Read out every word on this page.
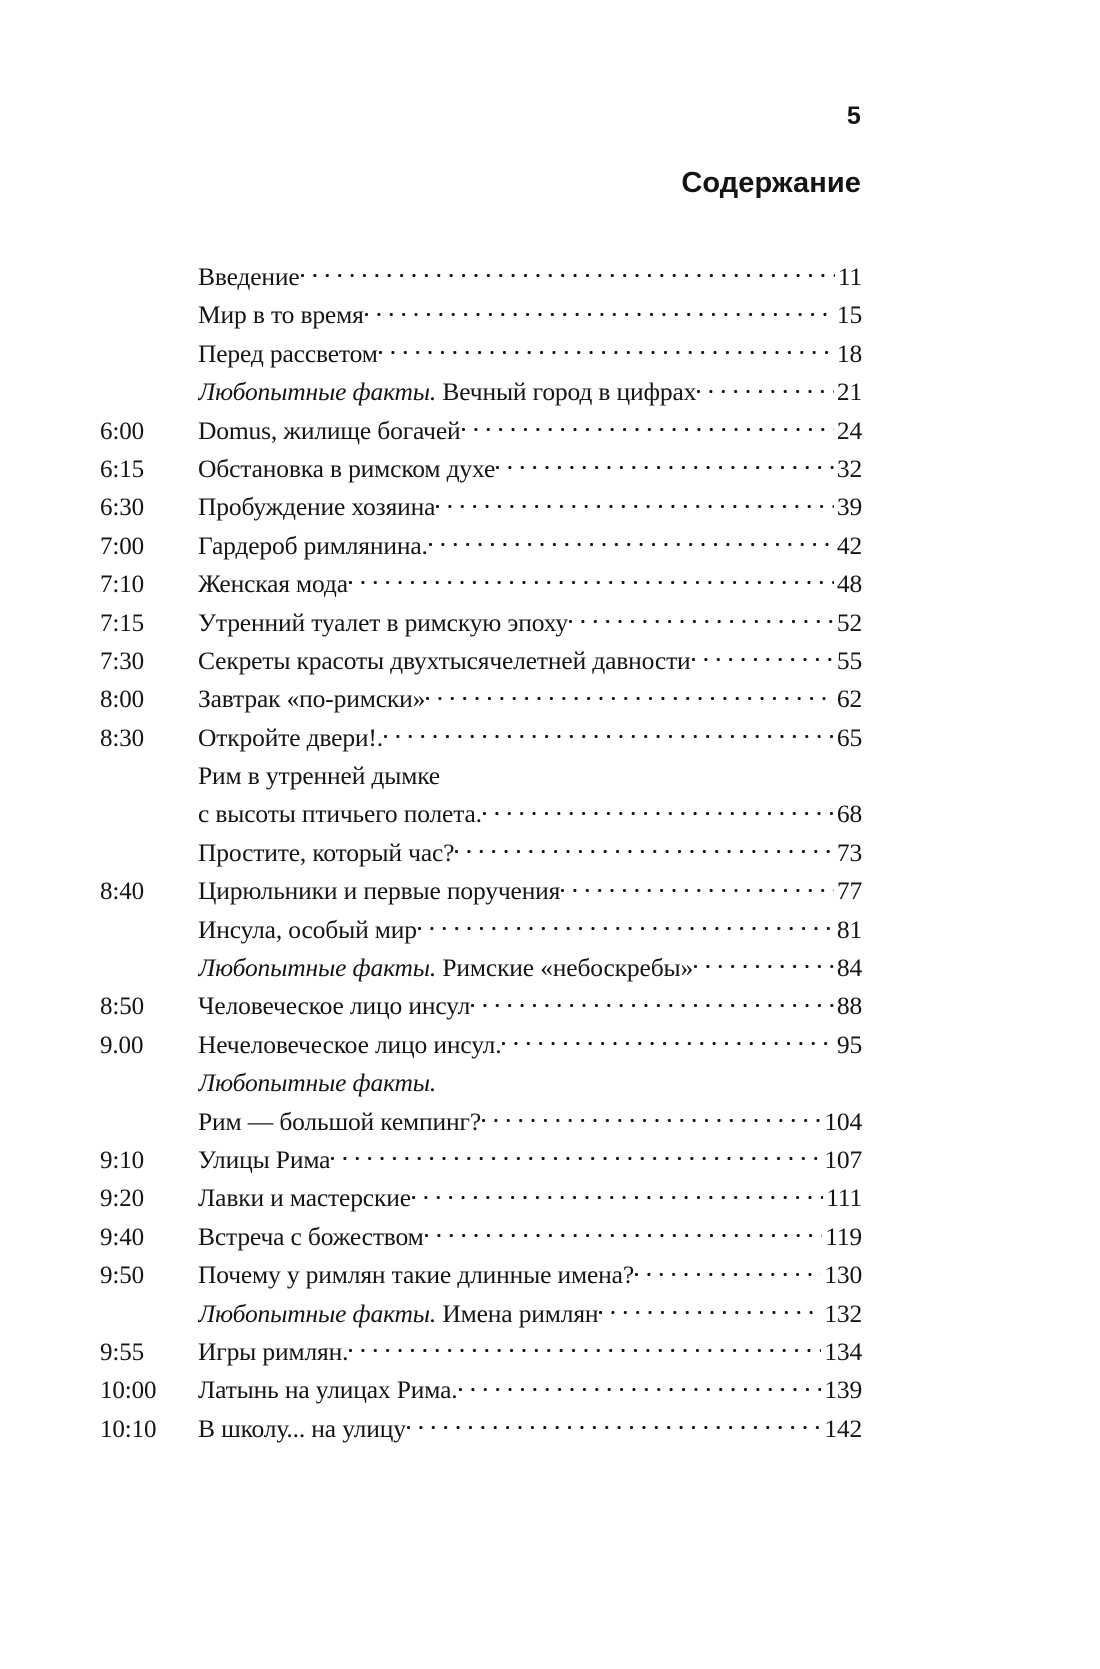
5
Содержание
Введение	11
Мир в то время	15
Перед рассветом	18
Любопытные факты. Вечный город в цифрах	21
6:00	Domus, жилище богачей	24
6:15	Обстановка в римском духе	32
6:30	Пробуждение хозяина	39
7:00	Гардероб римлянина.	42
7:10	Женская мода	48
7:15	Утренний туалет в римскую эпоху	52
7:30	Секреты красоты двухтысячелетней давности	55
8:00	Завтрак «по-римски»	62
8:30	Откройте двери!.	65
Рим в утренней дымке
с высоты птичьего полета.	68
Простите, который час?	73
8:40	Цирюльники и первые поручения	77
Инсула, особый мир	81
Любопытные факты. Римские «небоскребы»	84
8:50	Человеческое лицо инсул	88
9.00	Нечеловеческое лицо инсул.	95
Любопытные факты.
Рим — большой кемпинг?	104
9:10	Улицы Рима	107
9:20	Лавки и мастерские	111
9:40	Встреча с божеством	119
9:50	Почему у римлян такие длинные имена?	130
Любопытные факты. Имена римлян	132
9:55	Игры римлян.	134
10:00	Латынь на улицах Рима.	139
10:10	В школу... на улицу	142
